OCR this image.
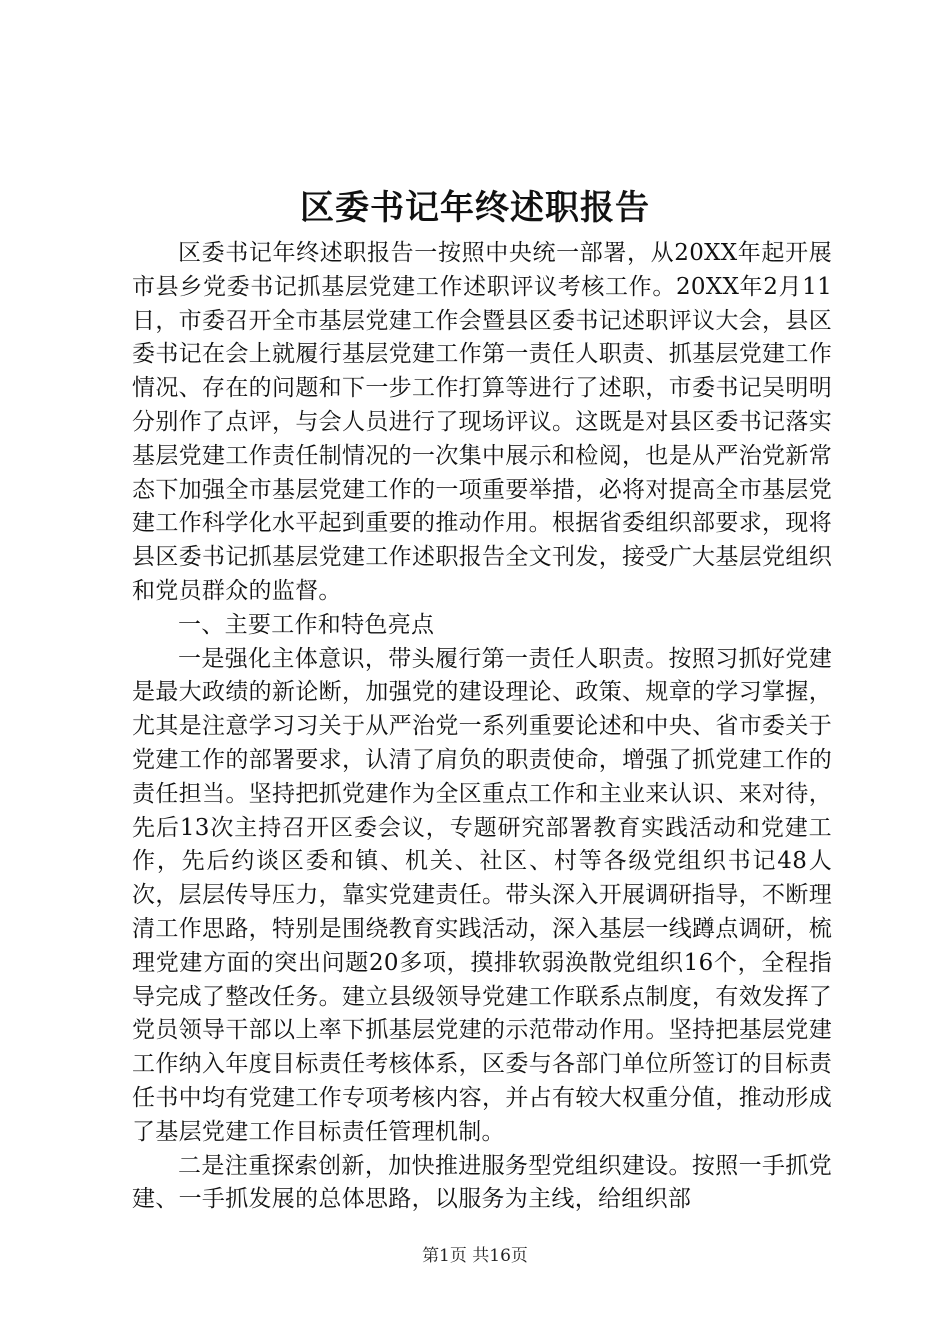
区委书记年终述职报告

区委书记年终述职报告一按照中央统一部署，从20XX年起开展市县乡党委书记抓基层党建工作述职评议考核工作。20XX年2月11日，市委召开全市基层党建工作会暨县区委书记述职评议大会，县区委书记在会上就履行基层党建工作第一责任人职责、抓基层党建工作情况、存在的问题和下一步工作打算等进行了述职，市委书记吴明明分别作了点评，与会人员进行了现场评议。这既是对县区委书记落实基层党建工作责任制情况的一次集中展示和检阅，也是从严治党新常态下加强全市基层党建工作的一项重要举措，必将对提高全市基层党建工作科学化水平起到重要的推动作用。根据省委组织部要求，现将县区委书记抓基层党建工作述职报告全文刊发，接受广大基层党组织和党员群众的监督。

一、主要工作和特色亮点

一是强化主体意识，带头履行第一责任人职责。按照习抓好党建是最大政绩的新论断，加强党的建设理论、政策、规章的学习掌握，尤其是注意学习习关于从严治党一系列重要论述和中央、省市委关于党建工作的部署要求，认清了肩负的职责使命，增强了抓党建工作的责任担当。坚持把抓党建作为全区重点工作和主业来认识、来对待，先后13次主持召开区委会议，专题研究部署教育实践活动和党建工作，先后约谈区委和镇、机关、社区、村等各级党组织书记48人次，层层传导压力，靠实党建责任。带头深入开展调研指导，不断理清工作思路，特别是围绕教育实践活动，深入基层一线蹲点调研，梳理党建方面的突出问题20多项，摸排软弱涣散党组织16个，全程指导完成了整改任务。建立县级领导党建工作联系点制度，有效发挥了党员领导干部以上率下抓基层党建的示范带动作用。坚持把基层党建工作纳入年度目标责任考核体系，区委与各部门单位所签订的目标责任书中均有党建工作专项考核内容，并占有较大权重分值，推动形成了基层党建工作目标责任管理机制。

二是注重探索创新，加快推进服务型党组织建设。按照一手抓党建、一手抓发展的总体思路，以服务为主线，给组织部

第1页 共16页
